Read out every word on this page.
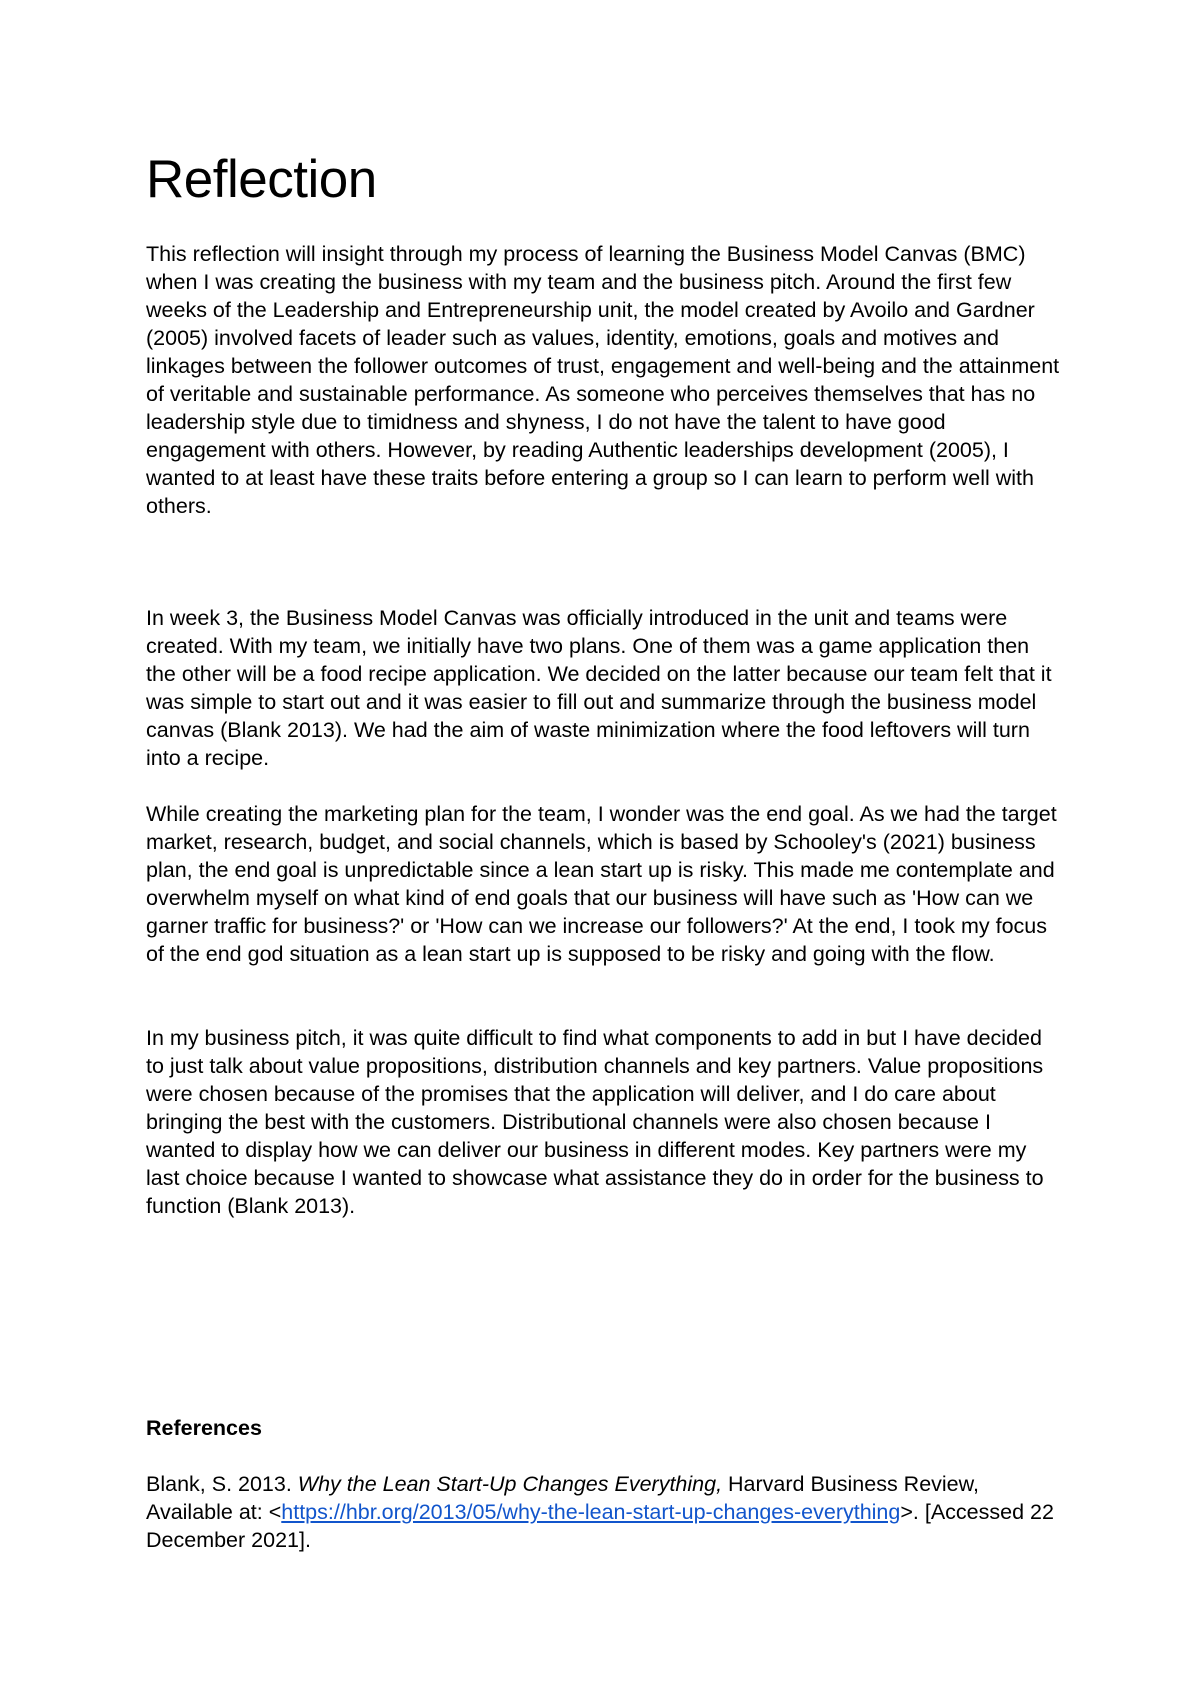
Reflection

This reflection will insight through my process of learning the Business Model Canvas (BMC) when I was creating the business with my team and the business pitch. Around the first few weeks of the Leadership and Entrepreneurship unit, the model created by Avoilo and Gardner (2005) involved facets of leader such as values, identity, emotions, goals and motives and linkages between the follower outcomes of trust, engagement and well-being and the attainment of veritable and sustainable performance. As someone who perceives themselves that has no leadership style due to timidness and shyness, I do not have the talent to have good engagement with others. However, by reading Authentic leaderships development (2005), I wanted to at least have these traits before entering a group so I can learn to perform well with others.

In week 3, the Business Model Canvas was officially introduced in the unit and teams were created. With my team, we initially have two plans. One of them was a game application then the other will be a food recipe application. We decided on the latter because our team felt that it was simple to start out and it was easier to fill out and summarize through the business model canvas (Blank 2013). We had the aim of waste minimization where the food leftovers will turn into a recipe.

While creating the marketing plan for the team, I wonder was the end goal. As we had the target market, research, budget, and social channels, which is based by Schooley's (2021) business plan, the end goal is unpredictable since a lean start up is risky. This made me contemplate and overwhelm myself on what kind of end goals that our business will have such as 'How can we garner traffic for business?' or 'How can we increase our followers?' At the end, I took my focus of the end god situation as a lean start up is supposed to be risky and going with the flow.

In my business pitch, it was quite difficult to find what components to add in but I have decided to just talk about value propositions, distribution channels and key partners. Value propositions were chosen because of the promises that the application will deliver, and I do care about bringing the best with the customers. Distributional channels were also chosen because I wanted to display how we can deliver our business in different modes. Key partners were my last choice because I wanted to showcase what assistance they do in order for the business to function (Blank 2013).

References

Blank, S. 2013. Why the Lean Start-Up Changes Everything, Harvard Business Review, Available at: <https://hbr.org/2013/05/why-the-lean-start-up-changes-everything>. [Accessed 22 December 2021].
